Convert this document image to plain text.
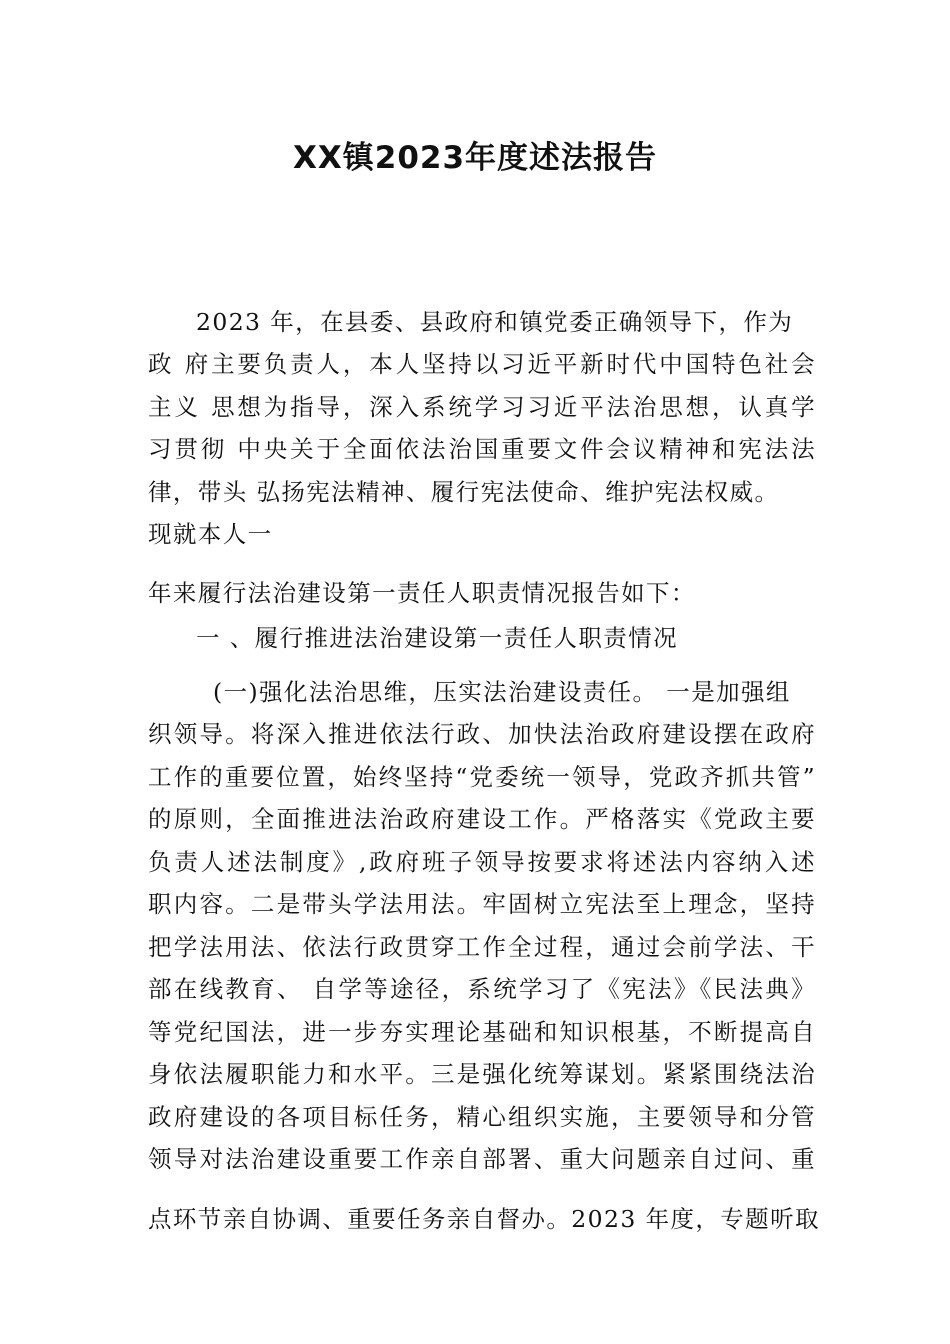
XX镇2023年度述法报告
2023 年，在县委、县政府和镇党委正确领导下，作为
政 府主要负责人，本人坚持以习近平新时代中国特色社会
主义 思想为指导，深入系统学习习近平法治思想，认真学
习贯彻 中央关于全面依法治国重要文件会议精神和宪法法
律，带头 弘扬宪法精神、履行宪法使命、维护宪法权威。
现就本人一
年来履行法治建设第一责任人职责情况报告如下：
一 、履行推进法治建设第一责任人职责情况
(一)强化法治思维，压实法治建设责任。 一是加强组
织领导。将深入推进依法行政、加快法治政府建设摆在政府
工作的重要位置，始终坚持“党委统一领导，党政齐抓共管”
的原则，全面推进法治政府建设工作。严格落实《党政主要
负责人述法制度》,政府班子领导按要求将述法内容纳入述
职内容。二是带头学法用法。牢固树立宪法至上理念，坚持
把学法用法、依法行政贯穿工作全过程，通过会前学法、干
部在线教育、 自学等途径，系统学习了《宪法》《民法典》
等党纪国法，进一步夯实理论基础和知识根基，不断提高自
身依法履职能力和水平。三是强化统筹谋划。紧紧围绕法治
政府建设的各项目标任务，精心组织实施，主要领导和分管
领导对法治建设重要工作亲自部署、重大问题亲自过问、重
点环节亲自协调、重要任务亲自督办。2023 年度，专题听取
